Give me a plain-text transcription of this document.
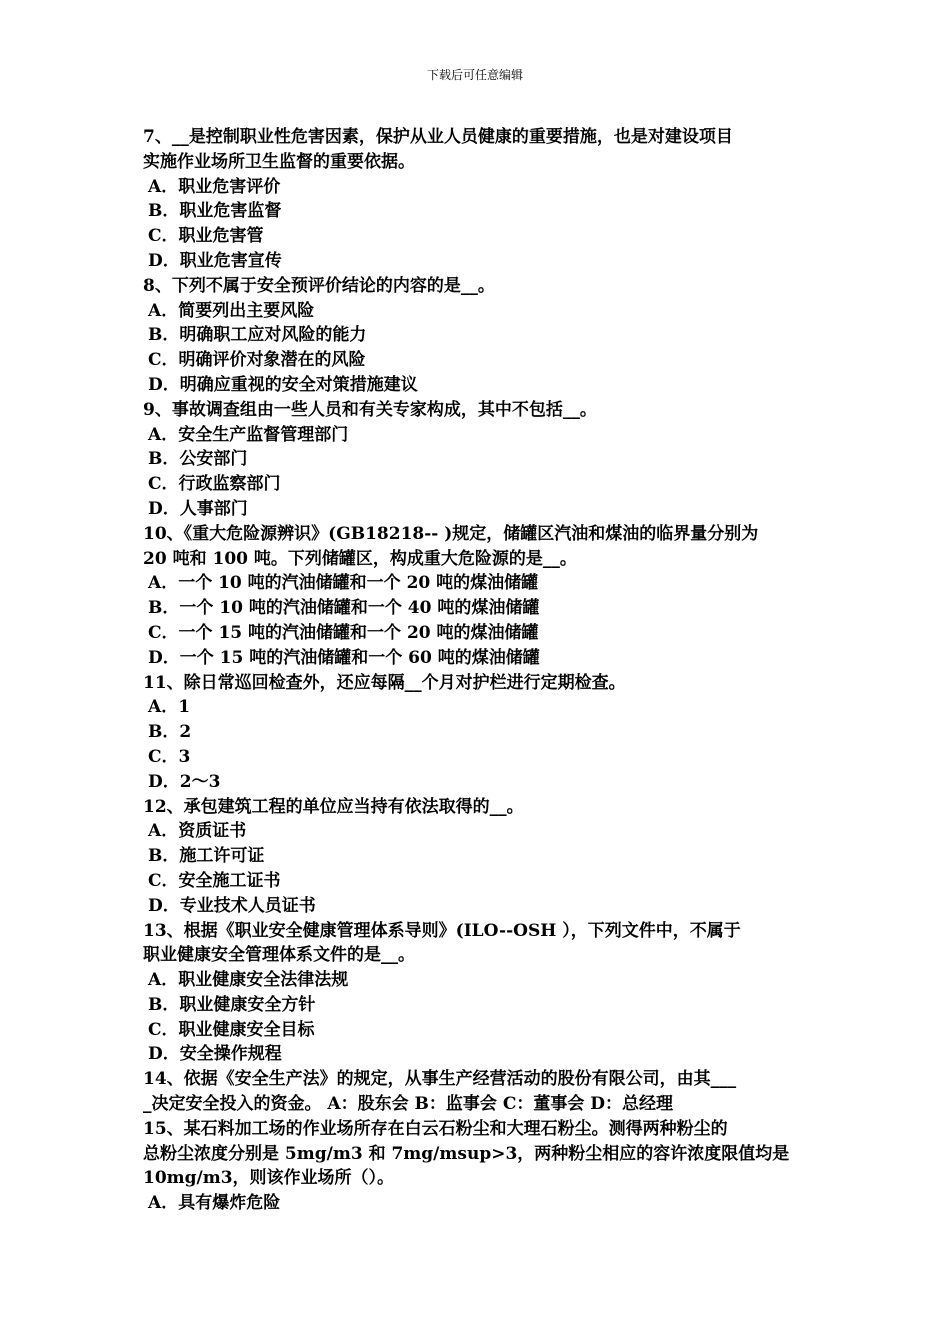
下载后可任意编辑
7、__是控制职业性危害因素，保护从业人员健康的重要措施，也是对建设项目
实施作业场所卫生监督的重要依据。
A．职业危害评价
B．职业危害监督
C．职业危害管
D．职业危害宣传
8、下列不属于安全预评价结论的内容的是__。
A．简要列出主要风险
B．明确职工应对风险的能力
C．明确评价对象潜在的风险
D．明确应重视的安全对策措施建议
9、事故调查组由一些人员和有关专家构成，其中不包括__。
A．安全生产监督管理部门
B．公安部门
C．行政监察部门
D．人事部门
10、《重大危险源辨识》(GB18218-- )规定，储罐区汽油和煤油的临界量分别为
20 吨和 100 吨。下列储罐区，构成重大危险源的是__。
A．一个 10 吨的汽油储罐和一个 20 吨的煤油储罐
B．一个 10 吨的汽油储罐和一个 40 吨的煤油储罐
C．一个 15 吨的汽油储罐和一个 20 吨的煤油储罐
D．一个 15 吨的汽油储罐和一个 60 吨的煤油储罐
11、除日常巡回检查外，还应每隔__个月对护栏进行定期检查。
A．1
B．2
C．3
D．2～3
12、承包建筑工程的单位应当持有依法取得的__。
A．资质证书
B．施工许可证
C．安全施工证书
D．专业技术人员证书
13、根据《职业安全健康管理体系导则》(ILO--OSH ），下列文件中，不属于
职业健康安全管理体系文件的是__。
A．职业健康安全法律法规
B．职业健康安全方针
C．职业健康安全目标
D．安全操作规程
14、依据《安全生产法》的规定，从事生产经营活动的股份有限公司，由其___
_决定安全投入的资金。 A：股东会 B：监事会 C：董事会 D：总经理
15、某石料加工场的作业场所存在白云石粉尘和大理石粉尘。测得两种粉尘的
总粉尘浓度分别是 5mg/m3 和 7mg/msup>3，两种粉尘相应的容许浓度限值均是
10mg/m3，则该作业场所（）。
A．具有爆炸危险
